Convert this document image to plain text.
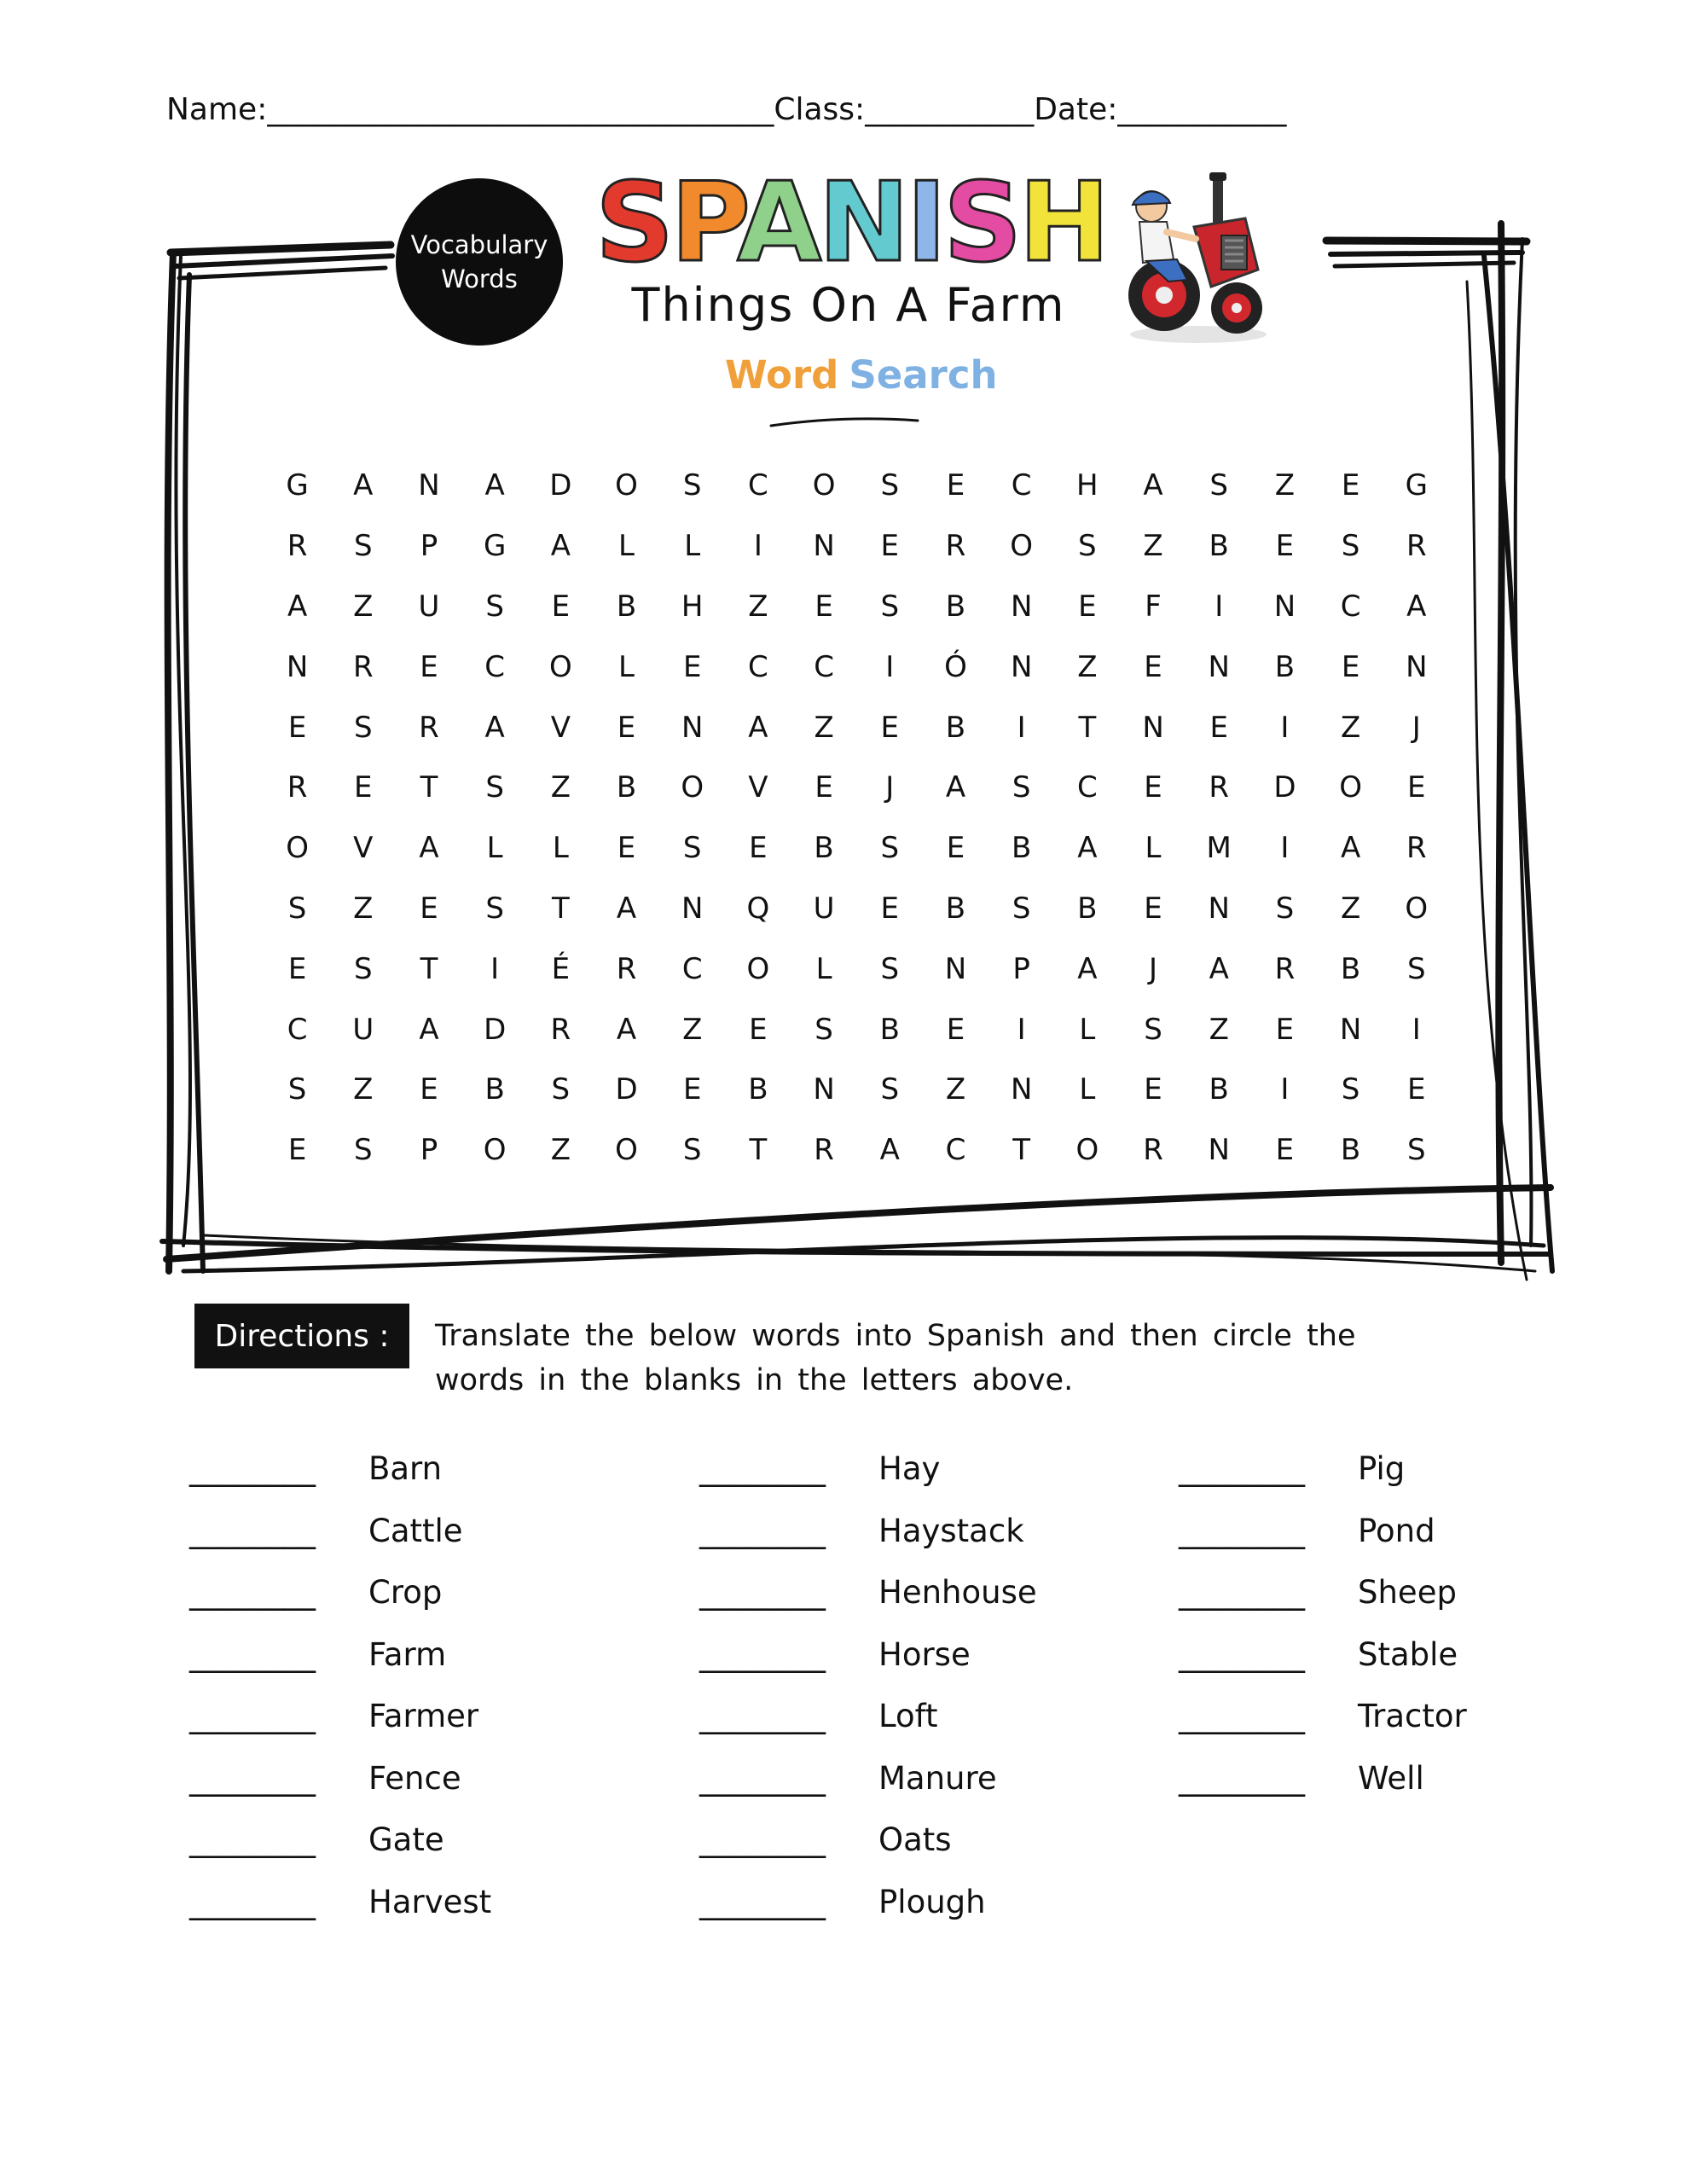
Name:_________________________________Class:___________Date:___________
Vocabulary
Words SPANISH
Things On A Farm
Word Search
G	A	N	A	D	O	S	C	O	S	E	C	H	A	S	Z	E	G
R	S	P	G	A	L	L	I	N	E	R	O	S	Z	B	E	S	R
A	Z	U	S	E	B	H	Z	E	S	B	N	E	F	I	N	C	A
N	R	E	C	O	L	E	C	C	I	Ó	N	Z	E	N	B	E	N
E	S	R	A	V	E	N	A	Z	E	B	I	T	N	E	I	Z	J
R	E	T	S	Z	B	O	V	E	J	A	S	C	E	R	D	O	E
O	V	A	L	L	E	S	E	B	S	E	B	A	L	M	I	A	R
S	Z	E	S	T	A	N	Q	U	E	B	S	B	E	N	S	Z	O
E	S	T	I	É	R	C	O	L	S	N	P	A	J	A	R	B	S
C	U	A	D	R	A	Z	E	S	B	E	I	L	S	Z	E	N	I
S	Z	E	B	S	D	E	B	N	S	Z	N	L	E	B	I	S	E
E	S	P	O	Z	O	S	T	R	A	C	T	O	R	N	E	B	S
Directions :	Translate the below words into Spanish and then circle the words in the blanks in the letters above.
________	Barn
________	Cattle
________	Crop
________	Farm
________	Farmer
________	Fence
________	Gate
________	Harvest
________	Hay
________	Haystack
________	Henhouse
________	Horse
________	Loft
________	Manure
________	Oats
________	Plough
________	Pig
________	Pond
________	Sheep
________	Stable
________	Tractor
________	Well
